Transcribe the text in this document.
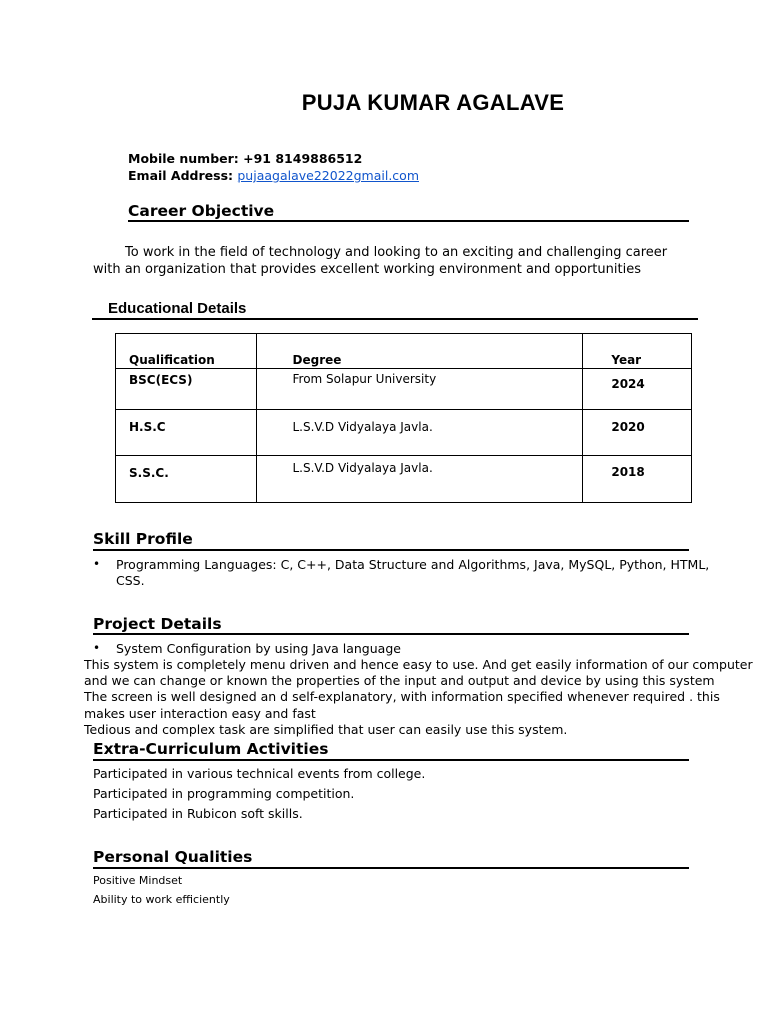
PUJA KUMAR AGALAVE
Mobile number: +91 8149886512
Email Address: pujaagalave22022gmail.com
Career Objective
To work in the field of technology and looking to an exciting and challenging career
with an organization that provides excellent working environment and opportunities
Educational Details
Qualification	Degree	Year

BSC(ECS)	From Solapur University	2024

H.S.C	L.S.V.D Vidyalaya Javla.	2020

S.S.C.	L.S.V.D Vidyalaya Javla.	2018
Skill Profile
• Programming Languages: C, C++, Data Structure and Algorithms, Java, MySQL, Python, HTML,
CSS.
Project Details
• System Configuration by using Java language
This system is completely menu driven and hence easy to use. And get easily information of our computer
and we can change or known the properties of the input and output and device by using this system
The screen is well designed an d self-explanatory, with information specified whenever required . this
makes user interaction easy and fast
Tedious and complex task are simplified that user can easily use this system.
Extra-Curriculum Activities
Participated in various technical events from college.
Participated in programming competition.
Participated in Rubicon soft skills.
Personal Qualities
Positive Mindset
Ability to work efficiently
